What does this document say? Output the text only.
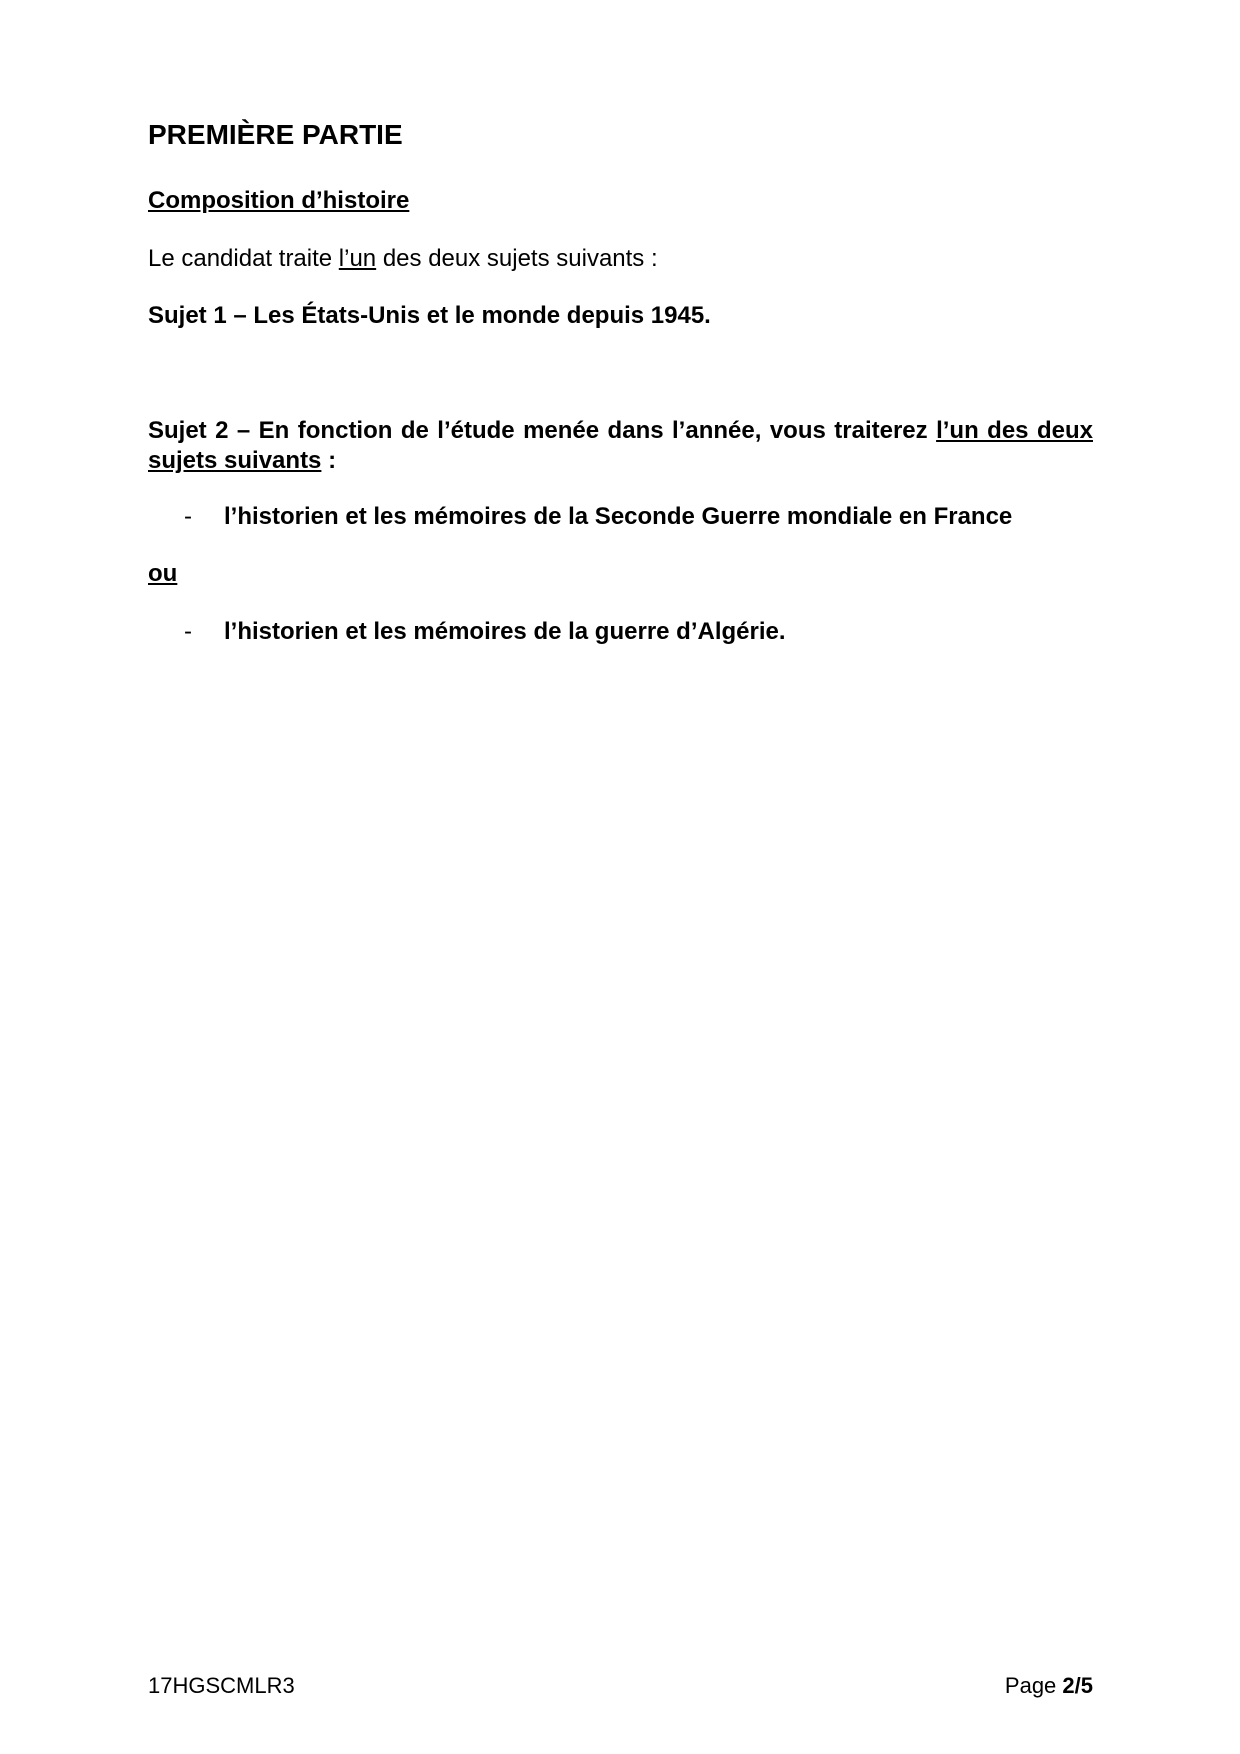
PREMIÈRE PARTIE
Composition d’histoire

Le candidat traite l’un des deux sujets suivants :

Sujet 1 – Les États-Unis et le monde depuis 1945.

Sujet 2 – En fonction de l’étude menée dans l’année, vous traiterez l’un des deux sujets suivants :

- l’historien et les mémoires de la Seconde Guerre mondiale en France

ou

- l’historien et les mémoires de la guerre d’Algérie.

17HGSCMLR3	Page 2/5
